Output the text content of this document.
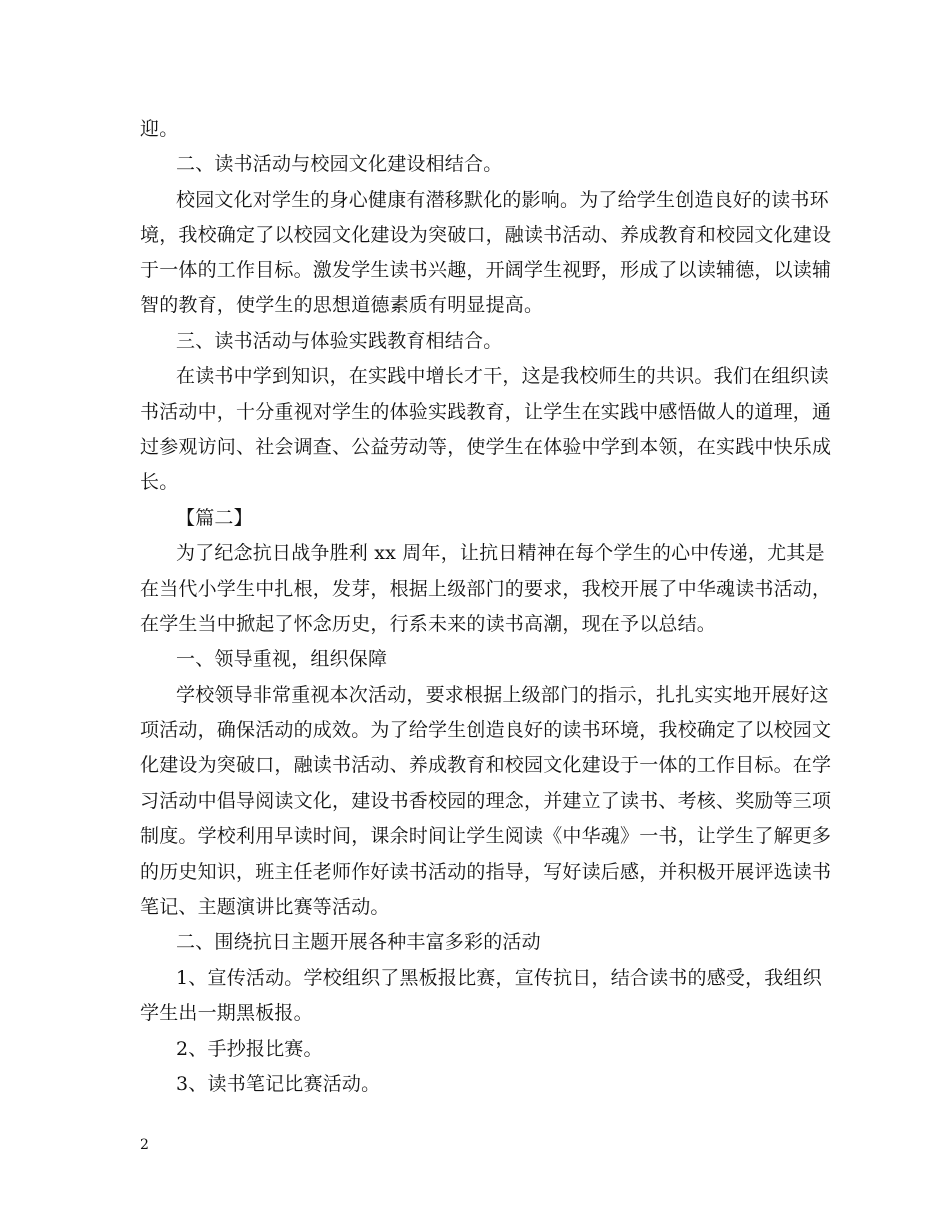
迎。
二、读书活动与校园文化建设相结合。
校园文化对学生的身心健康有潜移默化的影响。为了给学生创造良好的读书环
境，我校确定了以校园文化建设为突破口，融读书活动、养成教育和校园文化建设
于一体的工作目标。激发学生读书兴趣，开阔学生视野，形成了以读辅德，以读辅
智的教育，使学生的思想道德素质有明显提高。
三、读书活动与体验实践教育相结合。
在读书中学到知识，在实践中增长才干，这是我校师生的共识。我们在组织读
书活动中，十分重视对学生的体验实践教育，让学生在实践中感悟做人的道理，通
过参观访问、社会调查、公益劳动等，使学生在体验中学到本领，在实践中快乐成
长。
【篇二】
为了纪念抗日战争胜利 xx 周年，让抗日精神在每个学生的心中传递，尤其是
在当代小学生中扎根，发芽，根据上级部门的要求，我校开展了中华魂读书活动，
在学生当中掀起了怀念历史，行系未来的读书高潮，现在予以总结。
一、领导重视，组织保障
学校领导非常重视本次活动，要求根据上级部门的指示，扎扎实实地开展好这
项活动，确保活动的成效。为了给学生创造良好的读书环境，我校确定了以校园文
化建设为突破口，融读书活动、养成教育和校园文化建设于一体的工作目标。在学
习活动中倡导阅读文化，建设书香校园的理念，并建立了读书、考核、奖励等三项
制度。学校利用早读时间，课余时间让学生阅读《中华魂》一书，让学生了解更多
的历史知识，班主任老师作好读书活动的指导，写好读后感，并积极开展评选读书
笔记、主题演讲比赛等活动。
二、围绕抗日主题开展各种丰富多彩的活动
1、宣传活动。学校组织了黑板报比赛，宣传抗日，结合读书的感受，我组织
学生出一期黑板报。
2、手抄报比赛。
3、读书笔记比赛活动。
2
